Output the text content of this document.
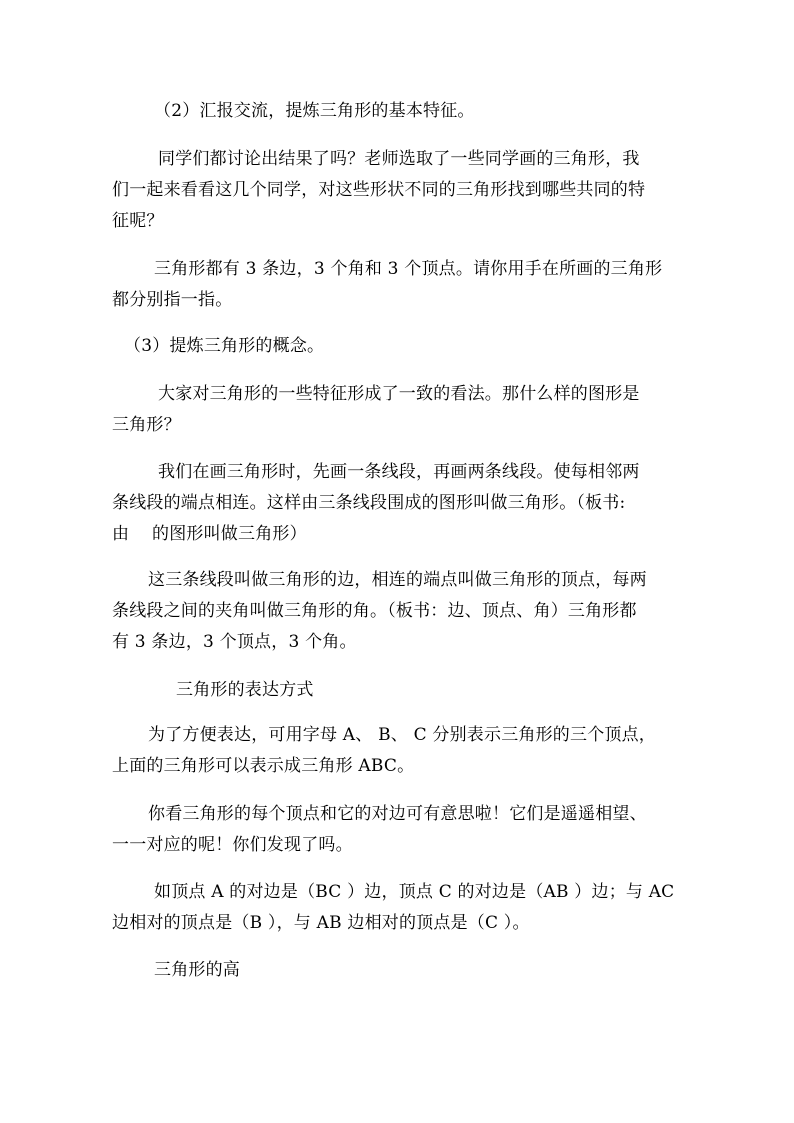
（2）汇报交流，提炼三角形的基本特征。
同学们都讨论出结果了吗？老师选取了一些同学画的三角形，我
们一起来看看这几个同学，对这些形状不同的三角形找到哪些共同的特
征呢？
三角形都有 3 条边，3 个角和 3 个顶点。请你用手在所画的三角形
都分别指一指。
（3）提炼三角形的概念。
大家对三角形的一些特征形成了一致的看法。那什么样的图形是
三角形？
我们在画三角形时，先画一条线段，再画两条线段。使每相邻两
条线段的端点相连。这样由三条线段围成的图形叫做三角形。（板书:
由　 的图形叫做三角形）
这三条线段叫做三角形的边，相连的端点叫做三角形的顶点，每两
条线段之间的夹角叫做三角形的角。（板书：边、顶点、角）三角形都
有 3 条边，3 个顶点，3 个角。
三角形的表达方式
为了方便表达，可用字母 A、 B、 C 分别表示三角形的三个顶点，
上面的三角形可以表示成三角形 ABC。
你看三角形的每个顶点和它的对边可有意思啦！它们是遥遥相望、
一一对应的呢！你们发现了吗。
如顶点 A 的对边是（BC ）边，顶点 C 的对边是（AB ）边；与 AC
边相对的顶点是（B ），与 AB 边相对的顶点是（C ）。
三角形的高
